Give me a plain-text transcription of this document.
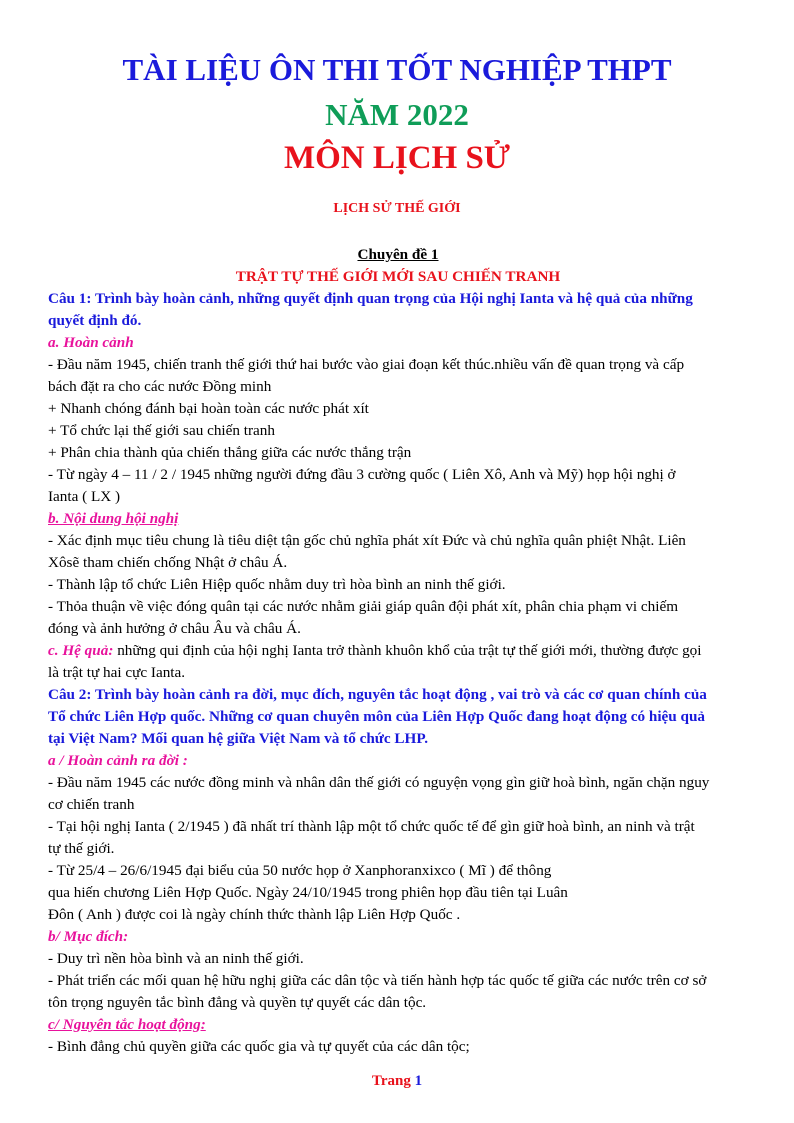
TÀI LIỆU ÔN THI TỐT NGHIỆP THPT
NĂM 2022
MÔN LỊCH SỬ
LỊCH SỬ THẾ GIỚI
Chuyên đề 1
TRẬT TỰ THẾ GIỚI MỚI SAU CHIẾN TRANH
Câu 1: Trình bày hoàn cảnh, những quyết định quan trọng của Hội nghị Ianta và hệ quả của những
quyết định đó.
a. Hoàn cảnh
- Đầu năm 1945, chiến tranh thế giới thứ hai bước vào giai đoạn kết thúc.nhiều vấn đề quan trọng và cấp
bách đặt ra cho các nước Đồng minh
+ Nhanh chóng đánh bại hoàn toàn các nước phát xít
+ Tổ chức lại thế giới sau chiến tranh
+ Phân chia thành qủa chiến thắng giữa các nước thắng trận
- Từ ngày 4 – 11 / 2 / 1945 những người đứng đầu 3 cường quốc ( Liên Xô, Anh và Mỹ) họp hội nghị ở
Ianta ( LX )
b. Nội dung hội nghị
- Xác định mục tiêu chung là tiêu diệt tận gốc chủ nghĩa phát xít Đức và chủ nghĩa quân phiệt Nhật. Liên
Xôsẽ tham chiến chống Nhật ở châu Á.
- Thành lập tổ chức Liên Hiệp quốc nhằm duy trì hòa bình an ninh thế giới.
- Thỏa thuận về việc đóng quân tại các nước nhằm giải giáp quân đội phát xít, phân chia phạm vi chiếm
đóng và ảnh hưởng ở châu Âu và châu Á.
c. Hệ quả: những qui định của hội nghị Ianta trở thành khuôn khổ của trật tự thế giới mới, thường được gọi
là trật tự hai cực Ianta.
Câu 2: Trình bày hoàn cảnh ra đời, mục đích, nguyên tắc hoạt động , vai trò và các cơ quan chính của
Tổ chức Liên Hợp quốc. Những cơ quan chuyên môn của Liên Hợp Quốc đang hoạt động có hiệu quả
tại Việt Nam? Mối quan hệ giữa Việt Nam và tổ chức LHP.
a / Hoàn cảnh ra đời :
- Đầu năm 1945 các nước đồng minh và nhân dân thế giới có nguyện vọng gìn giữ hoà bình, ngăn chặn nguy
cơ chiến tranh
- Tại hội nghị Ianta ( 2/1945 ) đã nhất trí thành lập một tổ chức quốc tế để gìn giữ hoà bình, an ninh và trật
tự thế giới.
- Từ 25/4 – 26/6/1945 đại biểu của 50 nước họp ở Xanphoranxixco ( Mĩ ) để thông
qua hiến chương Liên Hợp Quốc. Ngày 24/10/1945 trong phiên họp đầu tiên tại Luân
Đôn ( Anh ) được coi là ngày chính thức thành lập Liên Hợp Quốc .
b/ Mục đích:
- Duy trì nền hòa bình và an ninh thế giới.
- Phát triển các mối quan hệ hữu nghị giữa các dân tộc và tiến hành hợp tác quốc tế giữa các nước trên cơ sở
tôn trọng nguyên tắc bình đẳng và quyền tự quyết các dân tộc.
c/ Nguyên tắc hoạt động:
- Bình đẳng chủ quyền giữa các quốc gia và tự quyết của các dân tộc;
Trang 1
